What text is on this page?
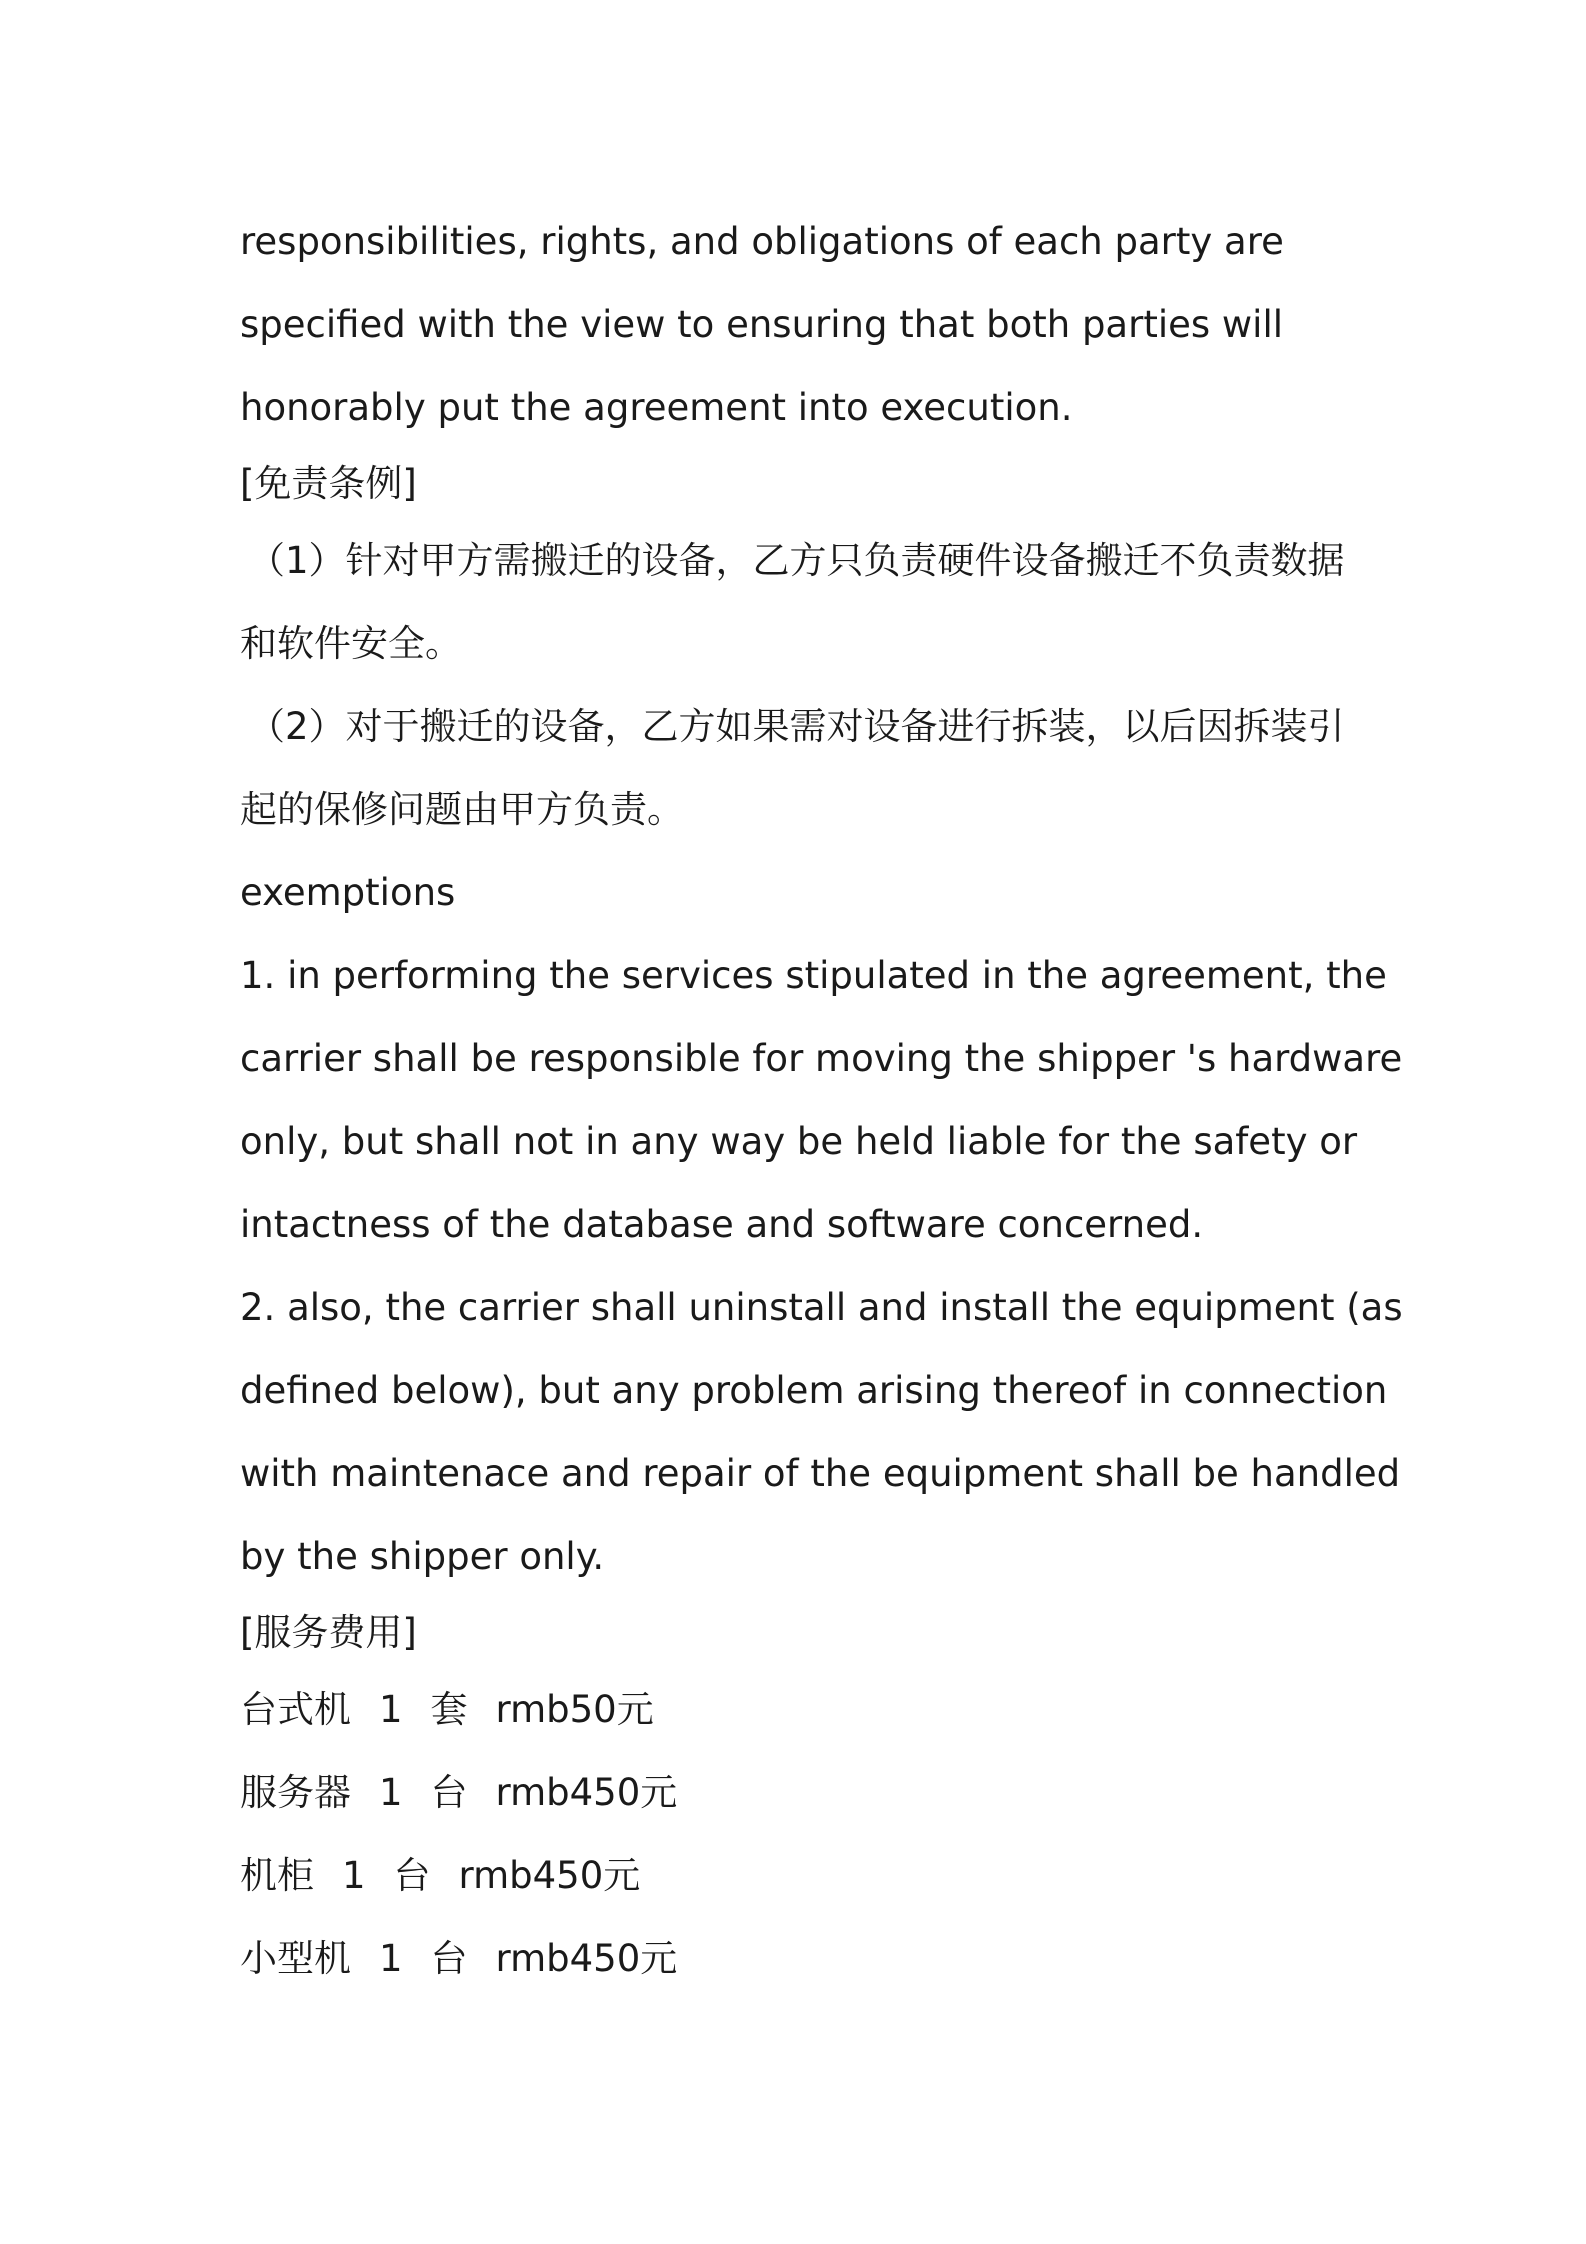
responsibilities, rights, and obligations of each party are

specified with the view to ensuring that both parties will

honorably put the agreement into execution.

[免责条例]

（1）针对甲方需搬迁的设备，乙方只负责硬件设备搬迁不负责数据

和软件安全。

（2）对于搬迁的设备，乙方如果需对设备进行拆装，以后因拆装引

起的保修问题由甲方负责。

exemptions

1. in performing the services stipulated in the agreement, the

carrier shall be responsible for moving the shipper 's hardware

only, but shall not in any way be held liable for the safety or

intactness of the database and software concerned.

2. also, the carrier shall uninstall and install the equipment (as

defined below), but any problem arising thereof in connection

with maintenace and repair of the equipment shall be handled

by the shipper only.

[服务费用]

台式机 1 套 rmb50元
服务器 1 台 rmb450元
机柜 1 台 rmb450元
小型机 1 台 rmb450元
